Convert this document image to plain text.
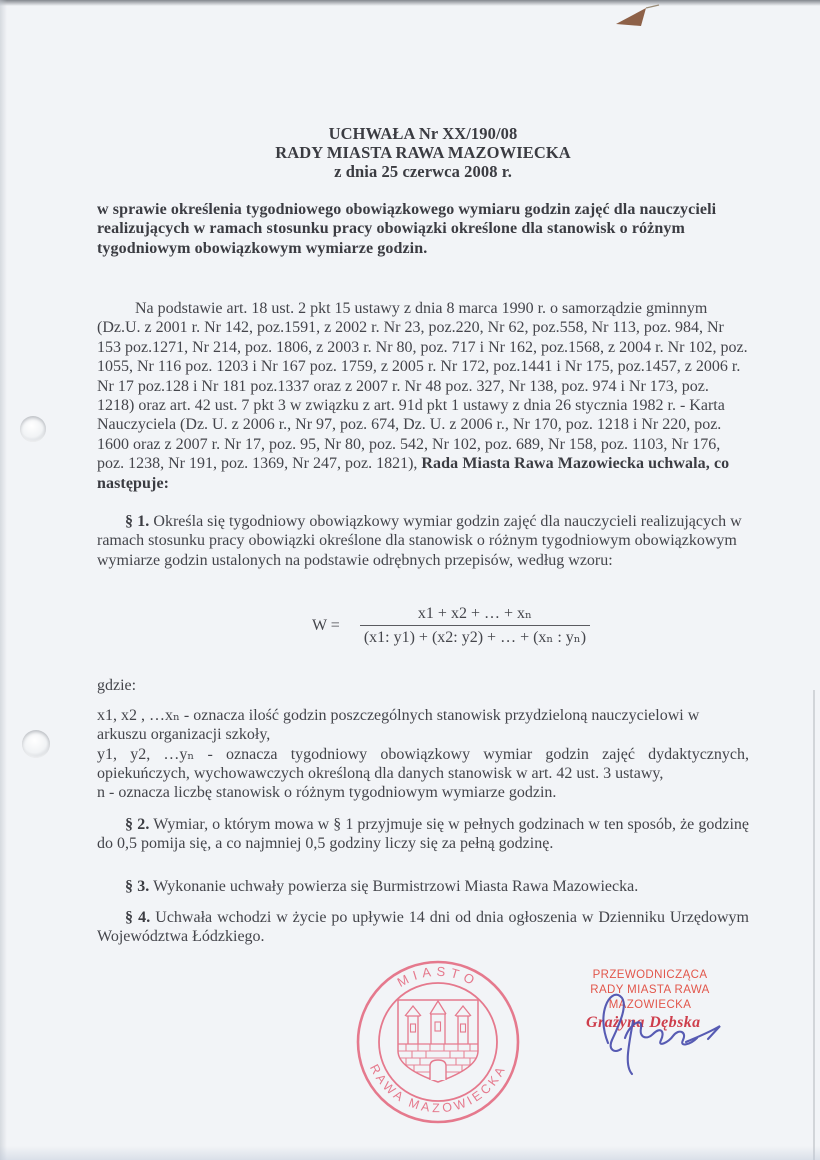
UCHWAŁA Nr XX/190/08
RADY MIASTA RAWA MAZOWIECKA
z dnia 25 czerwca 2008 r.

w sprawie określenia tygodniowego obowiązkowego wymiaru godzin zajęć dla nauczycieli realizujących w ramach stosunku pracy obowiązki określone dla stanowisk o różnym tygodniowym obowiązkowym wymiarze godzin.

Na podstawie art. 18 ust. 2 pkt 15 ustawy z dnia 8 marca 1990 r. o samorządzie gminnym (Dz.U. z 2001 r. Nr 142, poz.1591, z 2002 r. Nr 23, poz.220, Nr 62, poz.558, Nr 113, poz. 984, Nr 153 poz.1271, Nr 214, poz. 1806, z 2003 r. Nr 80, poz. 717 i Nr 162, poz.1568, z 2004 r. Nr 102, poz. 1055, Nr 116 poz. 1203 i Nr 167 poz. 1759, z 2005 r. Nr 172, poz.1441 i Nr 175, poz.1457, z 2006 r. Nr 17 poz.128 i Nr 181 poz.1337 oraz z 2007 r. Nr 48 poz. 327, Nr 138, poz. 974 i Nr 173, poz. 1218) oraz art. 42 ust. 7 pkt 3 w związku z art. 91d pkt 1 ustawy z dnia 26 stycznia 1982 r. - Karta Nauczyciela (Dz. U. z 2006 r., Nr 97, poz. 674, Dz. U. z 2006 r., Nr 170, poz. 1218 i Nr 220, poz. 1600 oraz z 2007 r. Nr 17, poz. 95, Nr 80, poz. 542, Nr 102, poz. 689, Nr 158, poz. 1103, Nr 176, poz. 1238, Nr 191, poz. 1369, Nr 247, poz. 1821), Rada Miasta Rawa Mazowiecka uchwala, co następuje:

§ 1. Określa się tygodniowy obowiązkowy wymiar godzin zajęć dla nauczycieli realizujących w ramach stosunku pracy obowiązki określone dla stanowisk o różnym tygodniowym obowiązkowym wymiarze godzin ustalonych na podstawie odrębnych przepisów, według wzoru:

$W = \frac{\text{x1 + x2 + … + xₙ}}{\text{(x1: y1) + (x2: y2) + … + (xₙ : yₙ)}}$

gdzie:

x1, x2 , …xₙ - oznacza ilość godzin poszczególnych stanowisk przydzieloną nauczycielowi w arkuszu organizacji szkoły,

y1, y2, …yₙ - oznacza tygodniowy obowiązkowy wymiar godzin zajęć dydaktycznych, opiekuńczych, wychowawczych określoną dla danych stanowisk w art. 42 ust. 3 ustawy,

n - oznacza liczbę stanowisk o różnym tygodniowym wymiarze godzin.

§ 2. Wymiar, o którym mowa w § 1 przyjmuje się w pełnych godzinach w ten sposób, że godzinę do 0,5 pomija się, a co najmniej 0,5 godziny liczy się za pełną godzinę.

§ 3. Wykonanie uchwały powierza się Burmistrzowi Miasta Rawa Mazowiecka.

§ 4. Uchwała wchodzi w życie po upływie 14 dni od dnia ogłoszenia w Dzienniku Urzędowym Województwa Łódzkiego.

MIASTO
RAWA MAZOWIECKA
PRZEWODNICZĄCA
RADY MIASTA RAWA MAZOWIECKA
Grażyna Dębska
